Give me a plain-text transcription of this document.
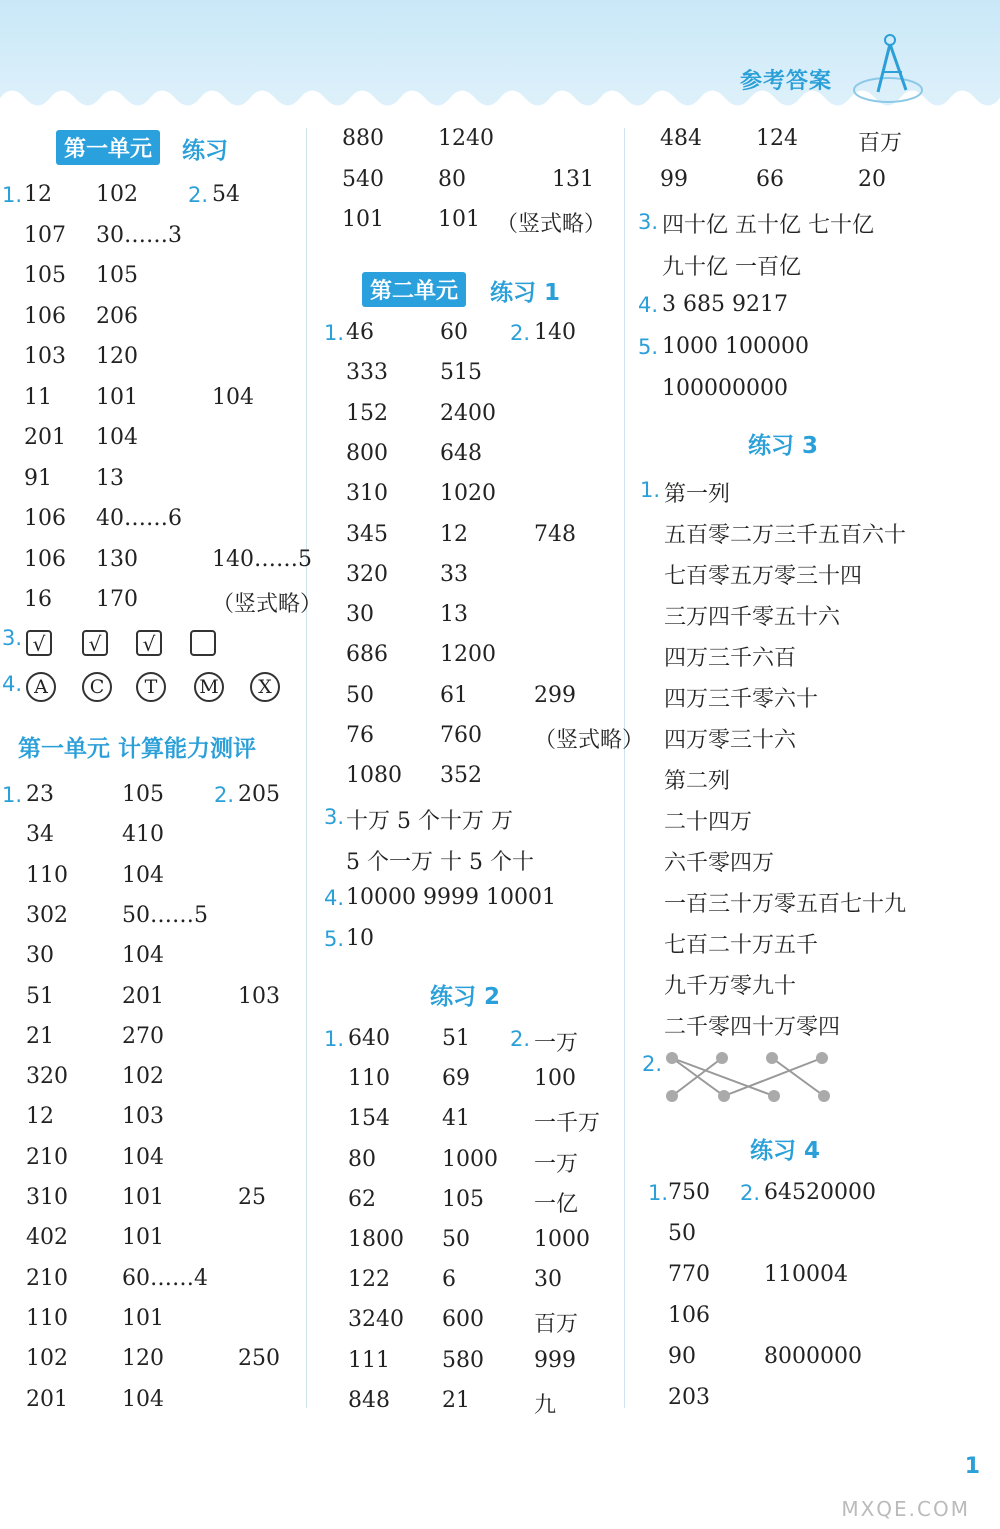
参考答案
第一单元	练习
1. 12 102 2. 54
107 30……3
105 105
106 206
103 120
11 101	104
201 104
91 13
106 40……6
106 130	140……5
16 170	（竖式略）
3. √	√	√
4. A	C	T	M	X
第一单元 计算能力测评
1. 23	105 2. 205
34	410
110 104
302 50……5
30	104
51	201	103
21	270
320 102
12	103
210 104
310 101	25
402 101
210 60……4
110 101
102 120	250
201 104
880 1240
540 80	131
101 101 （竖式略）
第二单元	练习 1
1. 46	60 2. 140
333 515
152 2400
800 648
310 1020
345 12	748
320 33
30	13
686 1200
50	61	299
76	760 （竖式略）
1080 352
3. 十万 5 个十万 万
5 个一万 十 5 个十
4. 10000 9999 10001
5. 10
练习 2
1. 640 51 2. 一万
110 69	100
154 41	一千万
80	1000 一万
62	105 一亿
1800 50	1000
122 6	30
3240 600 百万
111 580 999
848 21	九
484 124	百万
99	66	20
3. 四十亿 五十亿 七十亿
九十亿 一百亿
4. 3 685 9217
5. 1000 100000
100000000
练习 3
1. 第一列
五百零二万三千五百六十
七百零五万零三十四
三万四千零五十六
四万三千六百
四万三千零六十
四万零三十六
第二列
二十四万
六千零四万
一百三十万零五百七十九
七百二十万五千
九千万零九十
二千零四十万零四
2.
练习 4
1. 750 2. 64520000
50
770 110004
106
90	8000000
203
1
MXQE.COM
